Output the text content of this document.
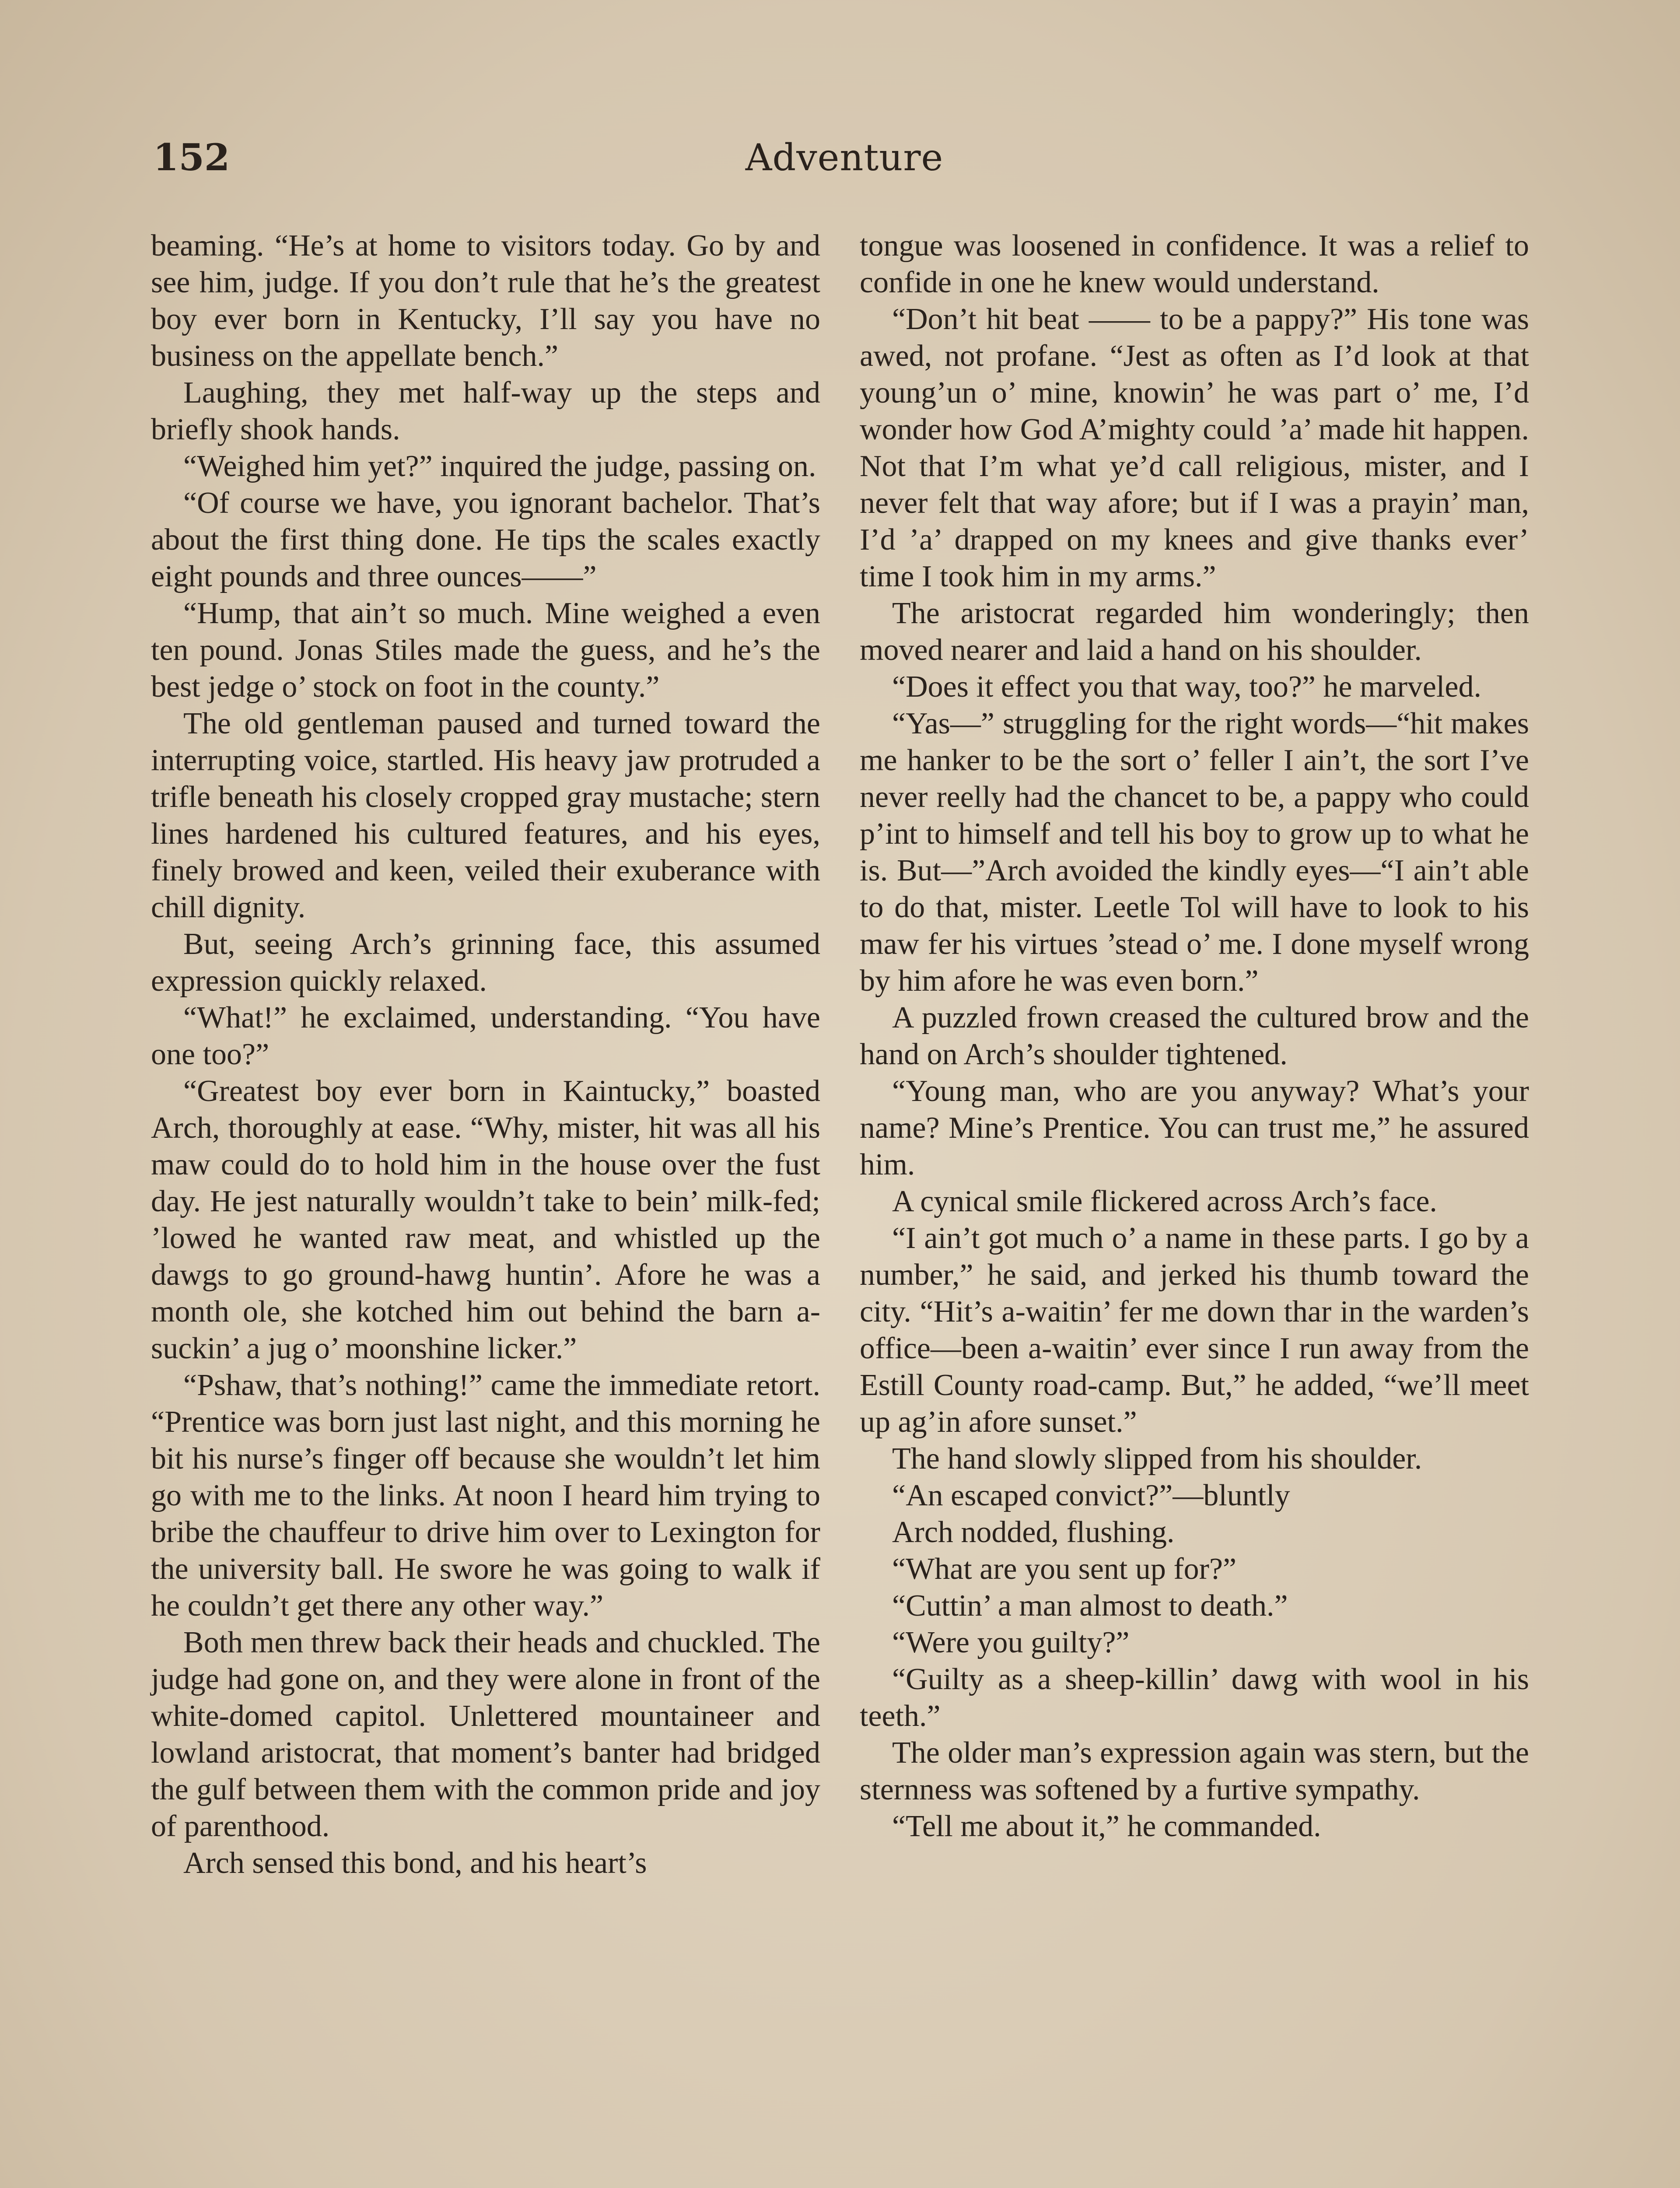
152	Adventure

beaming. “He’s at home to visitors today. Go by and see him, judge. If you don’t rule that he’s the greatest boy ever born in Kentucky, I’ll say you have no business on the appellate bench.”

Laughing, they met half-way up the steps and briefly shook hands.

“Weighed him yet?” inquired the judge, passing on.

“Of course we have, you ignorant bachelor. That’s about the first thing done. He tips the scales exactly eight pounds and three ounces——”

“Hump, that ain’t so much. Mine weighed a even ten pound. Jonas Stiles made the guess, and he’s the best jedge o’ stock on foot in the county.”

The old gentleman paused and turned toward the interrupting voice, startled. His heavy jaw protruded a trifle beneath his closely cropped gray mustache; stern lines hardened his cultured features, and his eyes, finely browed and keen, veiled their exuberance with chill dignity.

But, seeing Arch’s grinning face, this assumed expression quickly relaxed.

“What!” he exclaimed, understanding. “You have one too?”

“Greatest boy ever born in Kaintucky,” boasted Arch, thoroughly at ease. “Why, mister, hit was all his maw could do to hold him in the house over the fust day. He jest naturally wouldn’t take to bein’ milk-fed; ’lowed he wanted raw meat, and whistled up the dawgs to go ground-hawg huntin’. Afore he was a month ole, she kotched him out behind the barn a-suckin’ a jug o’ moonshine licker.”

“Pshaw, that’s nothing!” came the immediate retort. “Prentice was born just last night, and this morning he bit his nurse’s finger off because she wouldn’t let him go with me to the links. At noon I heard him trying to bribe the chauffeur to drive him over to Lexington for the university ball. He swore he was going to walk if he couldn’t get there any other way.”

Both men threw back their heads and chuckled. The judge had gone on, and they were alone in front of the white-domed capitol. Unlettered mountaineer and lowland aristocrat, that moment’s banter had bridged the gulf between them with the common pride and joy of parenthood.

Arch sensed this bond, and his heart’s

tongue was loosened in confidence. It was a relief to confide in one he knew would understand.

“Don’t hit beat —— to be a pappy?” His tone was awed, not profane. “Jest as often as I’d look at that young’un o’ mine, knowin’ he was part o’ me, I’d wonder how God A’mighty could ’a’ made hit happen. Not that I’m what ye’d call religious, mister, and I never felt that way afore; but if I was a prayin’ man, I’d ’a’ drapped on my knees and give thanks ever’ time I took him in my arms.”

The aristocrat regarded him wonderingly; then moved nearer and laid a hand on his shoulder.

“Does it effect you that way, too?” he marveled.

“Yas—” struggling for the right words—“hit makes me hanker to be the sort o’ feller I ain’t, the sort I’ve never reelly had the chancet to be, a pappy who could p’int to himself and tell his boy to grow up to what he is. But—”Arch avoided the kindly eyes—“I ain’t able to do that, mister. Leetle Tol will have to look to his maw fer his virtues ’stead o’ me. I done myself wrong by him afore he was even born.”

A puzzled frown creased the cultured brow and the hand on Arch’s shoulder tightened.

“Young man, who are you anyway? What’s your name? Mine’s Prentice. You can trust me,” he assured him.

A cynical smile flickered across Arch’s face.

“I ain’t got much o’ a name in these parts. I go by a number,” he said, and jerked his thumb toward the city. “Hit’s a-waitin’ fer me down thar in the warden’s office—been a-waitin’ ever since I run away from the Estill County road-camp. But,” he added, “we’ll meet up ag’in afore sunset.”

The hand slowly slipped from his shoulder.

“An escaped convict?”—bluntly

Arch nodded, flushing.

“What are you sent up for?”

“Cuttin’ a man almost to death.”

“Were you guilty?”

“Guilty as a sheep-killin’ dawg with wool in his teeth.”

The older man’s expression again was stern, but the sternness was softened by a furtive sympathy.

“Tell me about it,” he commanded.
